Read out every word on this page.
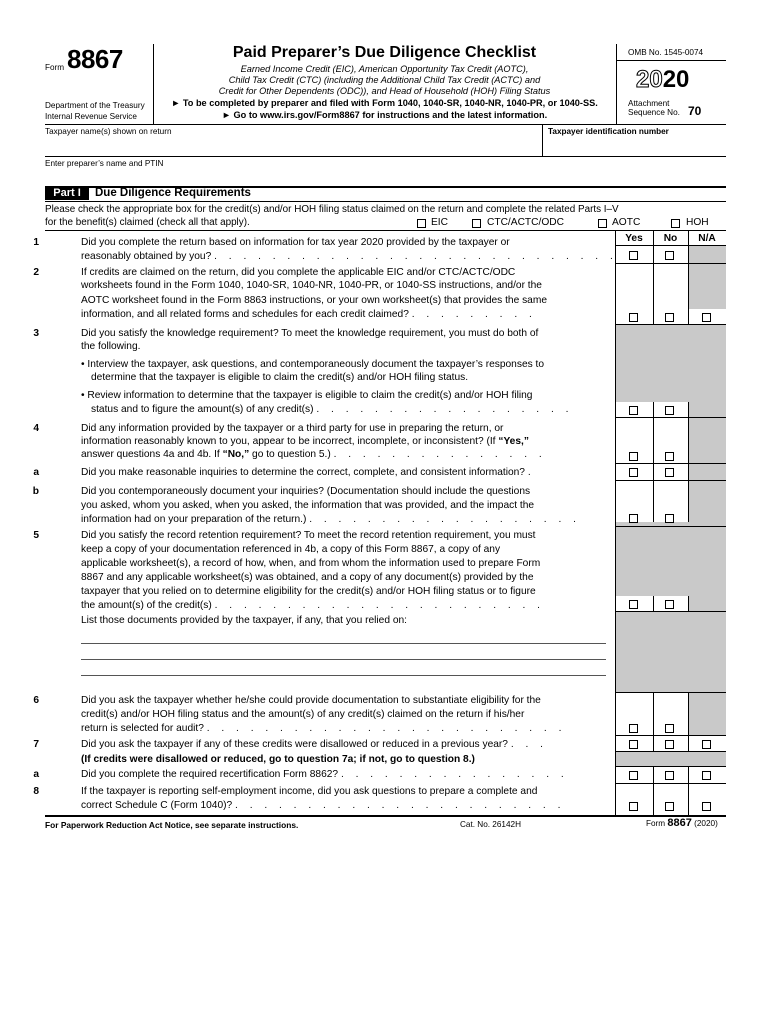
Form 8867
Department of the Treasury
Internal Revenue Service
Paid Preparer’s Due Diligence Checklist
Earned Income Credit (EIC), American Opportunity Tax Credit (AOTC),
Child Tax Credit (CTC) (including the Additional Child Tax Credit (ACTC) and
Credit for Other Dependents (ODC)), and Head of Household (HOH) Filing Status
► To be completed by preparer and filed with Form 1040, 1040-SR, 1040-NR, 1040-PR, or 1040-SS.
► Go to www.irs.gov/Form8867 for instructions and the latest information.
OMB No. 1545-0074
2020
Attachment
Sequence No. 70
Taxpayer name(s) shown on return	Taxpayer identification number
Enter preparer’s name and PTIN
Part I	Due Diligence Requirements
Please check the appropriate box for the credit(s) and/or HOH filing status claimed on the return and complete the related Parts I–V
for the benefit(s) claimed (check all that apply).	EIC	CTC/ACTC/ODC	AOTC	HOH
Yes	No	N/A
1	Did you complete the return based on information for tax year 2020 provided by the taxpayer or
reasonably obtained by you? . . . . . . . . . . . . . . . . . . . . . . . . . . . .
2	If credits are claimed on the return, did you complete the applicable EIC and/or CTC/ACTC/ODC
worksheets found in the Form 1040, 1040-SR, 1040-NR, 1040-PR, or 1040-SS instructions, and/or the
AOTC worksheet found in the Form 8863 instructions, or your own worksheet(s) that provides the same
information, and all related forms and schedules for each credit claimed? . . . . . . . . .
3	Did you satisfy the knowledge requirement? To meet the knowledge requirement, you must do both of
the following.
• Interview the taxpayer, ask questions, and contemporaneously document the taxpayer’s responses to
determine that the taxpayer is eligible to claim the credit(s) and/or HOH filing status.
• Review information to determine that the taxpayer is eligible to claim the credit(s) and/or HOH filing
status and to figure the amount(s) of any credit(s) . . . . . . . . . . . . . . . . . .
4	Did any information provided by the taxpayer or a third party for use in preparing the return, or
information reasonably known to you, appear to be incorrect, incomplete, or inconsistent? (If “Yes,”
answer questions 4a and 4b. If “No,” go to question 5.) . . . . . . . . . . . . . . .
a	Did you make reasonable inquiries to determine the correct, complete, and consistent information? .
b	Did you contemporaneously document your inquiries? (Documentation should include the questions
you asked, whom you asked, when you asked, the information that was provided, and the impact the
information had on your preparation of the return.) . . . . . . . . . . . . . . . . . . .
5	Did you satisfy the record retention requirement? To meet the record retention requirement, you must
keep a copy of your documentation referenced in 4b, a copy of this Form 8867, a copy of any
applicable worksheet(s), a record of how, when, and from whom the information used to prepare Form
8867 and any applicable worksheet(s) was obtained, and a copy of any document(s) provided by the
taxpayer that you relied on to determine eligibility for the credit(s) and/or HOH filing status or to figure
the amount(s) of the credit(s) . . . . . . . . . . . . . . . . . . . . . . .
List those documents provided by the taxpayer, if any, that you relied on:
6	Did you ask the taxpayer whether he/she could provide documentation to substantiate eligibility for the
credit(s) and/or HOH filing status and the amount(s) of any credit(s) claimed on the return if his/her
return is selected for audit? . . . . . . . . . . . . . . . . . . . . . . . . .
7	Did you ask the taxpayer if any of these credits were disallowed or reduced in a previous year? . . .
(If credits were disallowed or reduced, go to question 7a; if not, go to question 8.)
a	Did you complete the required recertification Form 8862? . . . . . . . . . . . . . . . .
8	If the taxpayer is reporting self-employment income, did you ask questions to prepare a complete and
correct Schedule C (Form 1040)? . . . . . . . . . . . . . . . . . . . . . . .
For Paperwork Reduction Act Notice, see separate instructions.	Cat. No. 26142H	Form 8867 (2020)
